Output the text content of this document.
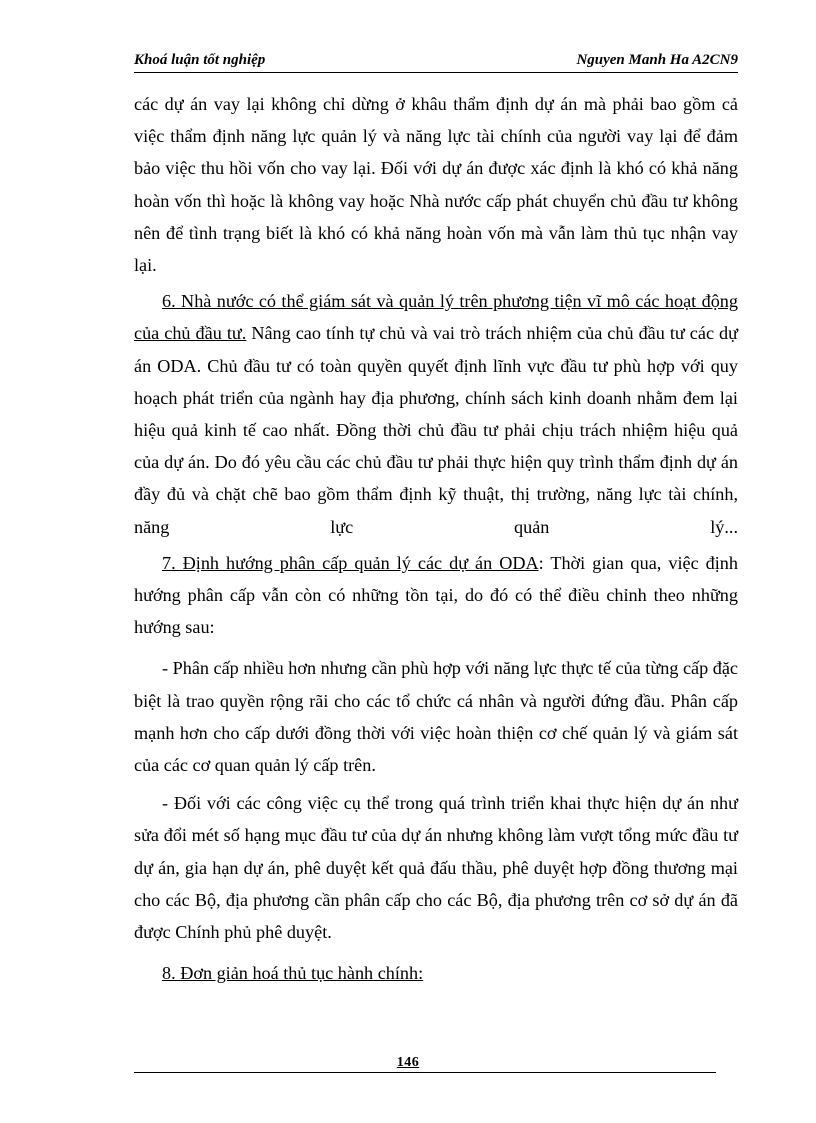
Khoá luận tốt nghiệp	Nguyen Manh Ha A2CN9

các dự án vay lại không chỉ dừng ở khâu thẩm định dự án mà phải bao gồm cả việc thẩm định năng lực quản lý và năng lực tài chính của người vay lại để đảm bảo việc thu hồi vốn cho vay lại. Đối với dự án được xác định là khó có khả năng hoàn vốn thì hoặc là không vay hoặc Nhà nước cấp phát chuyển chủ đầu tư không nên để tình trạng biết là khó có khả năng hoàn vốn mà vẫn làm thủ tục nhận vay lại.

6. Nhà nước có thể giám sát và quản lý trên phương tiện vĩ mô các hoạt động của chủ đầu tư. Nâng cao tính tự chủ và vai trò trách nhiệm của chủ đầu tư các dự án ODA. Chủ đầu tư có toàn quyền quyết định lĩnh vực đầu tư phù hợp với quy hoạch phát triển của ngành hay địa phương, chính sách kinh doanh nhằm đem lại hiệu quả kinh tế cao nhất. Đồng thời chủ đầu tư phải chịu trách nhiệm hiệu quả của dự án. Do đó yêu cầu các chủ đầu tư phải thực hiện quy trình thẩm định dự án đầy đủ và chặt chẽ bao gồm thẩm định kỹ thuật, thị trường, năng lực tài chính, năng lực quản lý...

7. Định hướng phân cấp quản lý các dự án ODA: Thời gian qua, việc định hướng phân cấp vẫn còn có những tồn tại, do đó có thể điều chỉnh theo những hướng sau:

- Phân cấp nhiều hơn nhưng cần phù hợp với năng lực thực tế của từng cấp đặc biệt là trao quyền rộng rãi cho các tổ chức cá nhân và người đứng đầu. Phân cấp mạnh hơn cho cấp dưới đồng thời với việc hoàn thiện cơ chế quản lý và giám sát của các cơ quan quản lý cấp trên.

- Đối với các công việc cụ thể trong quá trình triển khai thực hiện dự án như sửa đổi mét số hạng mục đầu tư của dự án nhưng không làm vượt tổng mức đầu tư dự án, gia hạn dự án, phê duyệt kết quả đấu thầu, phê duyệt hợp đồng thương mại cho các Bộ, địa phương cần phân cấp cho các Bộ, địa phương trên cơ sở dự án đã được Chính phủ phê duyệt.

8. Đơn giản hoá thủ tục hành chính:

146
